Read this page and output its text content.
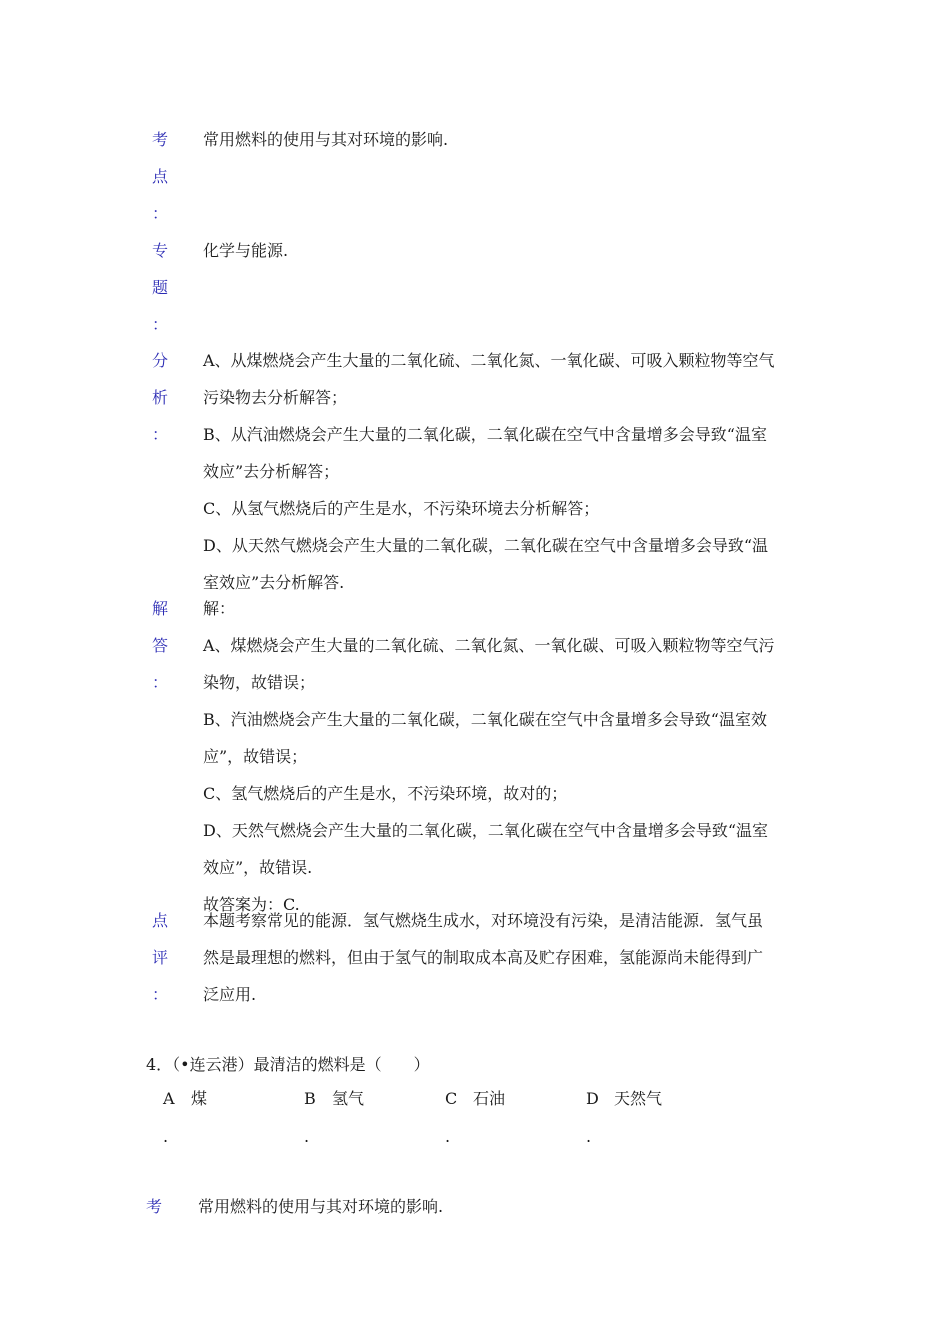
考
点
：
常用燃料的使用与其对环境的影响.
专
题
：
化学与能源.
分
析
：
A、从煤燃烧会产生大量的二氧化硫、二氧化氮、一氧化碳、可吸入颗粒物等空气
污染物去分析解答；
B、从汽油燃烧会产生大量的二氧化碳，二氧化碳在空气中含量增多会导致“温室
效应”去分析解答；
C、从氢气燃烧后的产生是水，不污染环境去分析解答；
D、从天然气燃烧会产生大量的二氧化碳，二氧化碳在空气中含量增多会导致“温
室效应”去分析解答.
解
答
：
解：
A、煤燃烧会产生大量的二氧化硫、二氧化氮、一氧化碳、可吸入颗粒物等空气污
染物，故错误；
B、汽油燃烧会产生大量的二氧化碳，二氧化碳在空气中含量增多会导致“温室效
应”，故错误；
C、氢气燃烧后的产生是水，不污染环境，故对的；
D、天然气燃烧会产生大量的二氧化碳，二氧化碳在空气中含量增多会导致“温室
效应”，故错误.
故答案为：C.
点
评
：
本题考察常见的能源．氢气燃烧生成水，对环境没有污染，是清洁能源．氢气虽
然是最理想的燃料，但由于氢气的制取成本高及贮存困难，氢能源尚未能得到广
泛应用.
4．（•连云港）最清洁的燃料是（　　）
A 煤	B 氢气	C 石油	D 天然气
.	.	.	.
考 常用燃料的使用与其对环境的影响.
